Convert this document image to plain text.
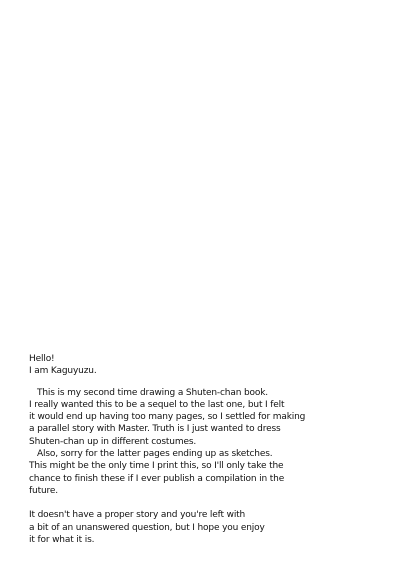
Hello!
I am Kaguyuzu.
This is my second time drawing a Shuten-chan book.
I really wanted this to be a sequel to the last one, but I felt
it would end up having too many pages, so I settled for making
a parallel story with Master. Truth is I just wanted to dress
Shuten-chan up in different costumes.
Also, sorry for the latter pages ending up as sketches.
This might be the only time I print this, so I'll only take the
chance to finish these if I ever publish a compilation in the
future.
It doesn't have a proper story and you're left with
a bit of an unanswered question, but I hope you enjoy
it for what it is.
